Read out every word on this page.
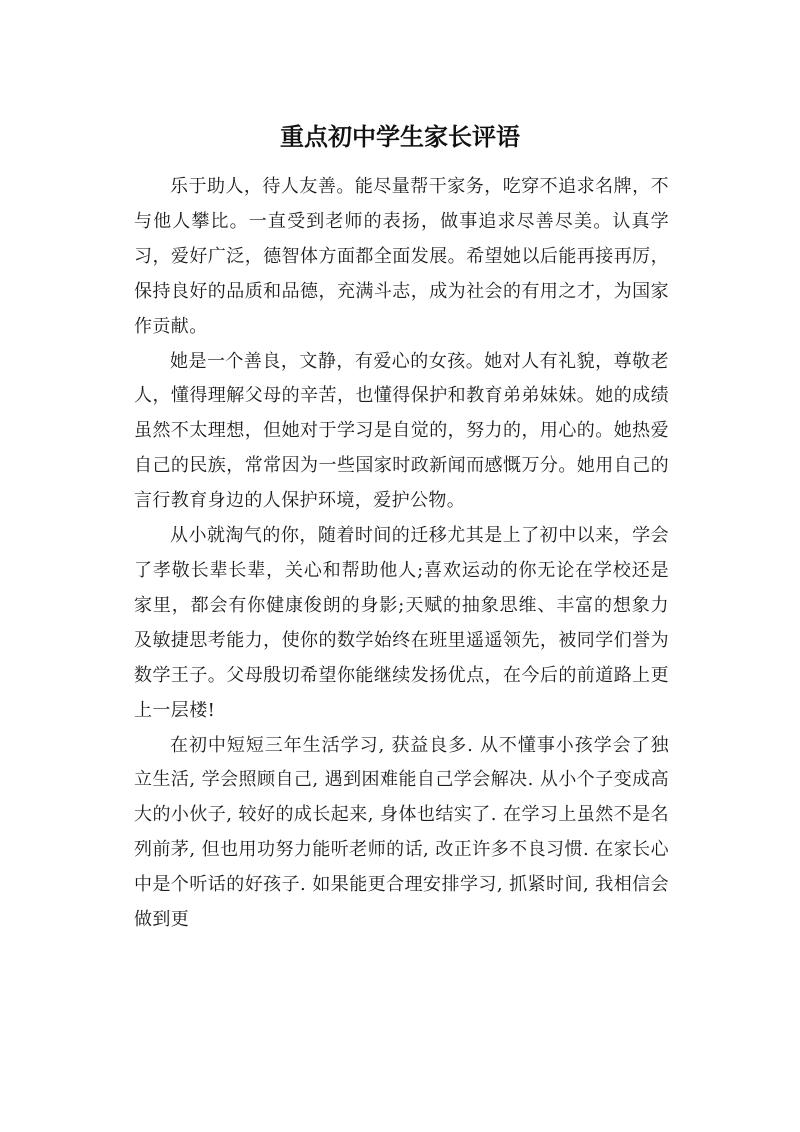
重点初中学生家长评语

乐于助人，待人友善。能尽量帮干家务，吃穿不追求名牌，不与他人攀比。一直受到老师的表扬，做事追求尽善尽美。认真学习，爱好广泛，德智体方面都全面发展。希望她以后能再接再厉，保持良好的品质和品德，充满斗志，成为社会的有用之才，为国家作贡献。

她是一个善良，文静，有爱心的女孩。她对人有礼貌，尊敬老人，懂得理解父母的辛苦，也懂得保护和教育弟弟妹妹。她的成绩虽然不太理想，但她对于学习是自觉的，努力的，用心的。她热爱自己的民族，常常因为一些国家时政新闻而感慨万分。她用自己的言行教育身边的人保护环境，爱护公物。

从小就淘气的你，随着时间的迁移尤其是上了初中以来，学会了孝敬长辈长辈，关心和帮助他人;喜欢运动的你无论在学校还是家里，都会有你健康俊朗的身影;天赋的抽象思维、丰富的想象力及敏捷思考能力，使你的数学始终在班里遥遥领先，被同学们誉为数学王子。父母殷切希望你能继续发扬优点，在今后的前道路上更上一层楼!

在初中短短三年生活学习, 获益良多. 从不懂事小孩学会了独立生活, 学会照顾自己, 遇到困难能自己学会解决. 从小个子变成高大的小伙子, 较好的成长起来, 身体也结实了. 在学习上虽然不是名列前茅, 但也用功努力能听老师的话, 改正许多不良习惯. 在家长心中是个听话的好孩子. 如果能更合理安排学习, 抓紧时间, 我相信会做到更
